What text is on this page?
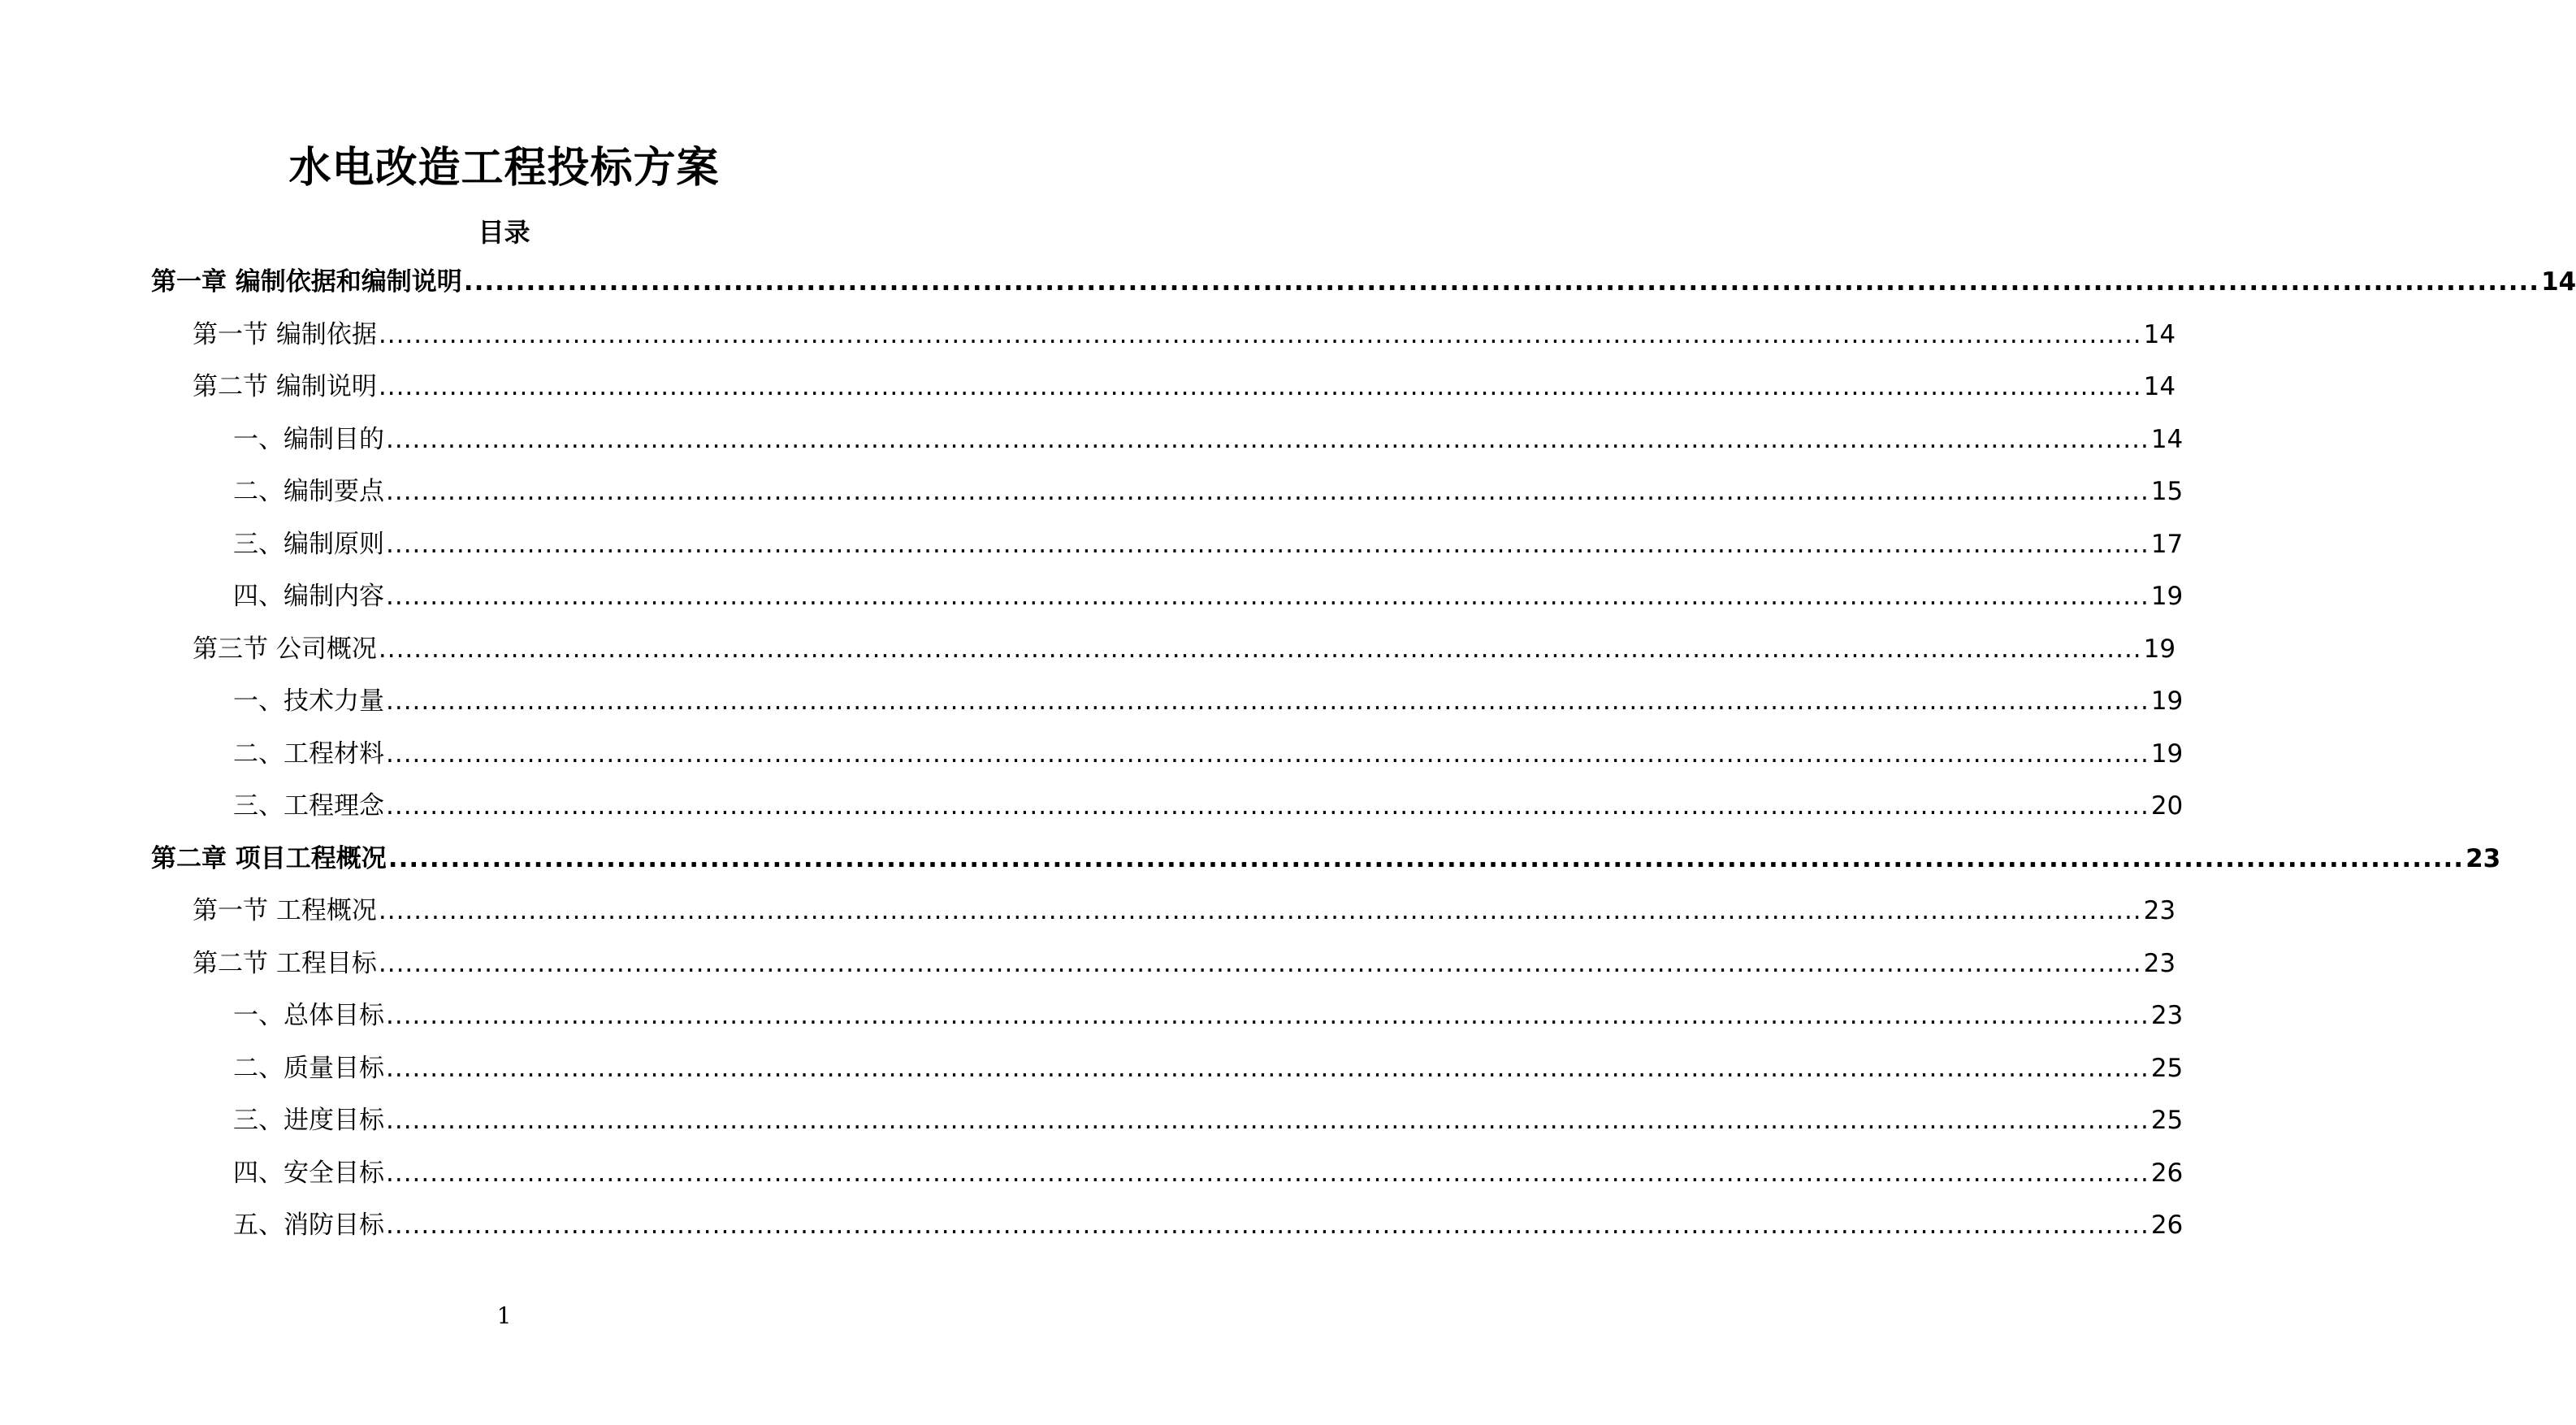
水电改造工程投标方案
目录
第一章 编制依据和编制说明 ........................................................................................................................................................................................................ 14
第一节 编制依据 ........................................................................................................................................................................................................ 14
第二节 编制说明 ........................................................................................................................................................................................................ 14
一、编制目的 ........................................................................................................................................................................................................ 14
二、编制要点 ........................................................................................................................................................................................................ 15
三、编制原则 ........................................................................................................................................................................................................ 17
四、编制内容 ........................................................................................................................................................................................................ 19
第三节 公司概况 ........................................................................................................................................................................................................ 19
一、技术力量 ........................................................................................................................................................................................................ 19
二、工程材料 ........................................................................................................................................................................................................ 19
三、工程理念 ........................................................................................................................................................................................................ 20
第二章 项目工程概况 ........................................................................................................................................................................................................ 23
第一节 工程概况 ........................................................................................................................................................................................................ 23
第二节 工程目标 ........................................................................................................................................................................................................ 23
一、总体目标 ........................................................................................................................................................................................................ 23
二、质量目标 ........................................................................................................................................................................................................ 25
三、进度目标 ........................................................................................................................................................................................................ 25
四、安全目标 ........................................................................................................................................................................................................ 26
五、消防目标 ........................................................................................................................................................................................................ 26
1
